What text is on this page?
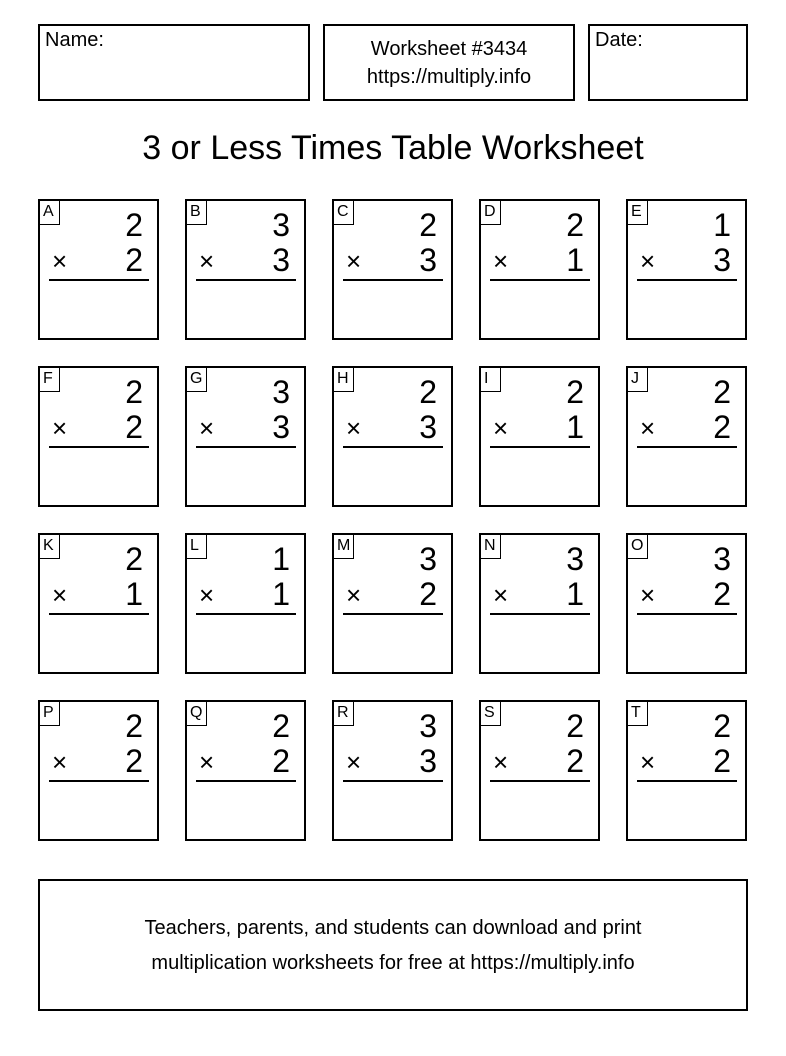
Name:	Worksheet #3434
https://multiply.info
Date:
3 or Less Times Table Worksheet
A 2
× 2
B 3
× 3
C 2
× 3
D 2
× 1
E 1
× 3
F 2
× 2
G 3
× 3
H 2
× 3
I	2
× 1
J 2
× 2
K 2
× 1
L 1
× 1
M 3
× 2
N 3
× 1
O 3
× 2
P 2
× 2
Q 2
× 2
R 3
× 3
S 2
× 2
T 2
× 2
Teachers, parents, and students can download and print
multiplication worksheets for free at https://multiply.info
